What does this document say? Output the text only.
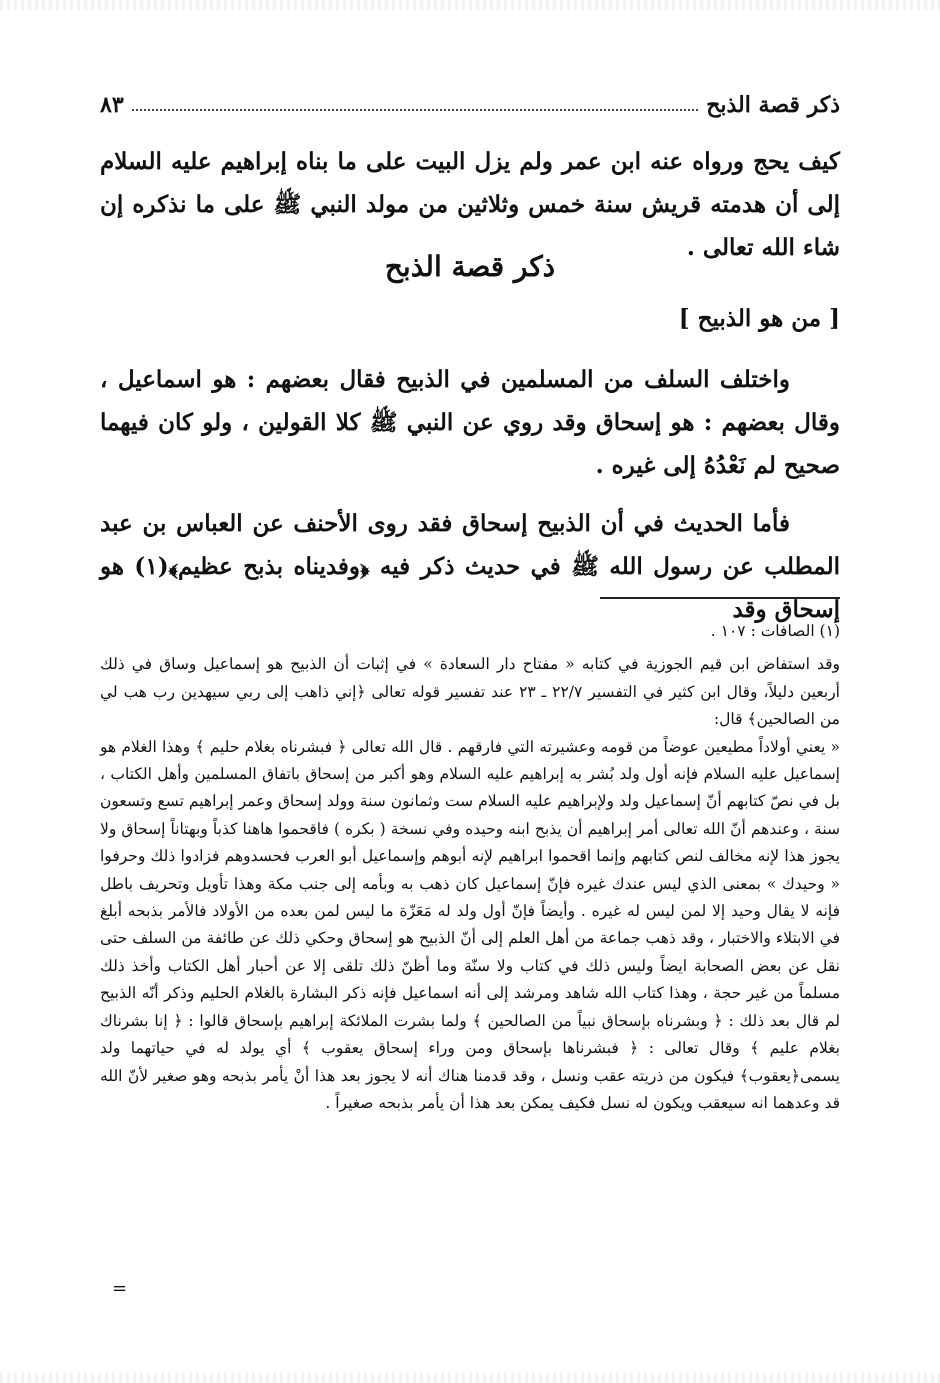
ذكر قصة الذبح
٨٣
كيف يحج ورواه عنه ابن عمر ولم يزل البيت على ما بناه إبراهيم عليه السلام إلى أن هدمته قريش سنة خمس وثلاثين من مولد النبي ﷺ على ما نذكره إن شاء الله تعالى .
ذكر قصة الذبح
[ من هو الذبيح ]
واختلف السلف من المسلمين في الذبيح فقال بعضهم : هو اسماعيل ، وقال بعضهم : هو إسحاق وقد روي عن النبي ﷺ كلا القولين ، ولو كان فيهما صحيح لم نَعْدُهُ إلى غيره .
فأما الحديث في أن الذبيح إسحاق فقد روى الأحنف عن العباس بن عبد المطلب عن رسول الله ﷺ في حديث ذكر فيه ﴿وفديناه بذبح عظيم﴾(١) هو إسحاق وقد

(١) الصافات : ١٠٧ .

وقد استفاض ابن قيم الجوزية في كتابه « مفتاح دار السعادة » في إثبات أن الذبيح هو إسماعيل وساق في ذلك أربعين دليلاً، وقال ابن كثير في التفسير ٢٢/٧ ـ ٢٣ عند تفسير قوله تعالى ﴿إني ذاهب إلى ربي سيهدين رب هب لي من الصالحين﴾ قال:

« يعني أولاداً مطيعين عوضاً من قومه وعشيرته التي فارقهم . قال الله تعالى ﴿ فبشرناه بغلام حليم ﴾ وهذا الغلام هو إسماعيل عليه السلام فإنه أول ولد بُشر به إبراهيم عليه السلام وهو أكبر من إسحاق باتفاق المسلمين وأهل الكتاب ، بل في نصّ كتابهم أنّ إسماعيل ولد ولإبراهيم عليه السلام ست وثمانون سنة وولد إسحاق وعمر إبراهيم تسع وتسعون سنة ، وعندهم أنّ الله تعالى أمر إبراهيم أن يذبح ابنه وحيده وفي نسخة ( بكره ) فاقحموا هاهنا كذباً وبهتاناً إسحاق ولا يجوز هذا لإنه مخالف لنص كتابهم وإنما اقحموا ابراهيم لإنه أبوهم وإسماعيل أبو العرب فحسدوهم فزادوا ذلك وحرفوا « وحيدك » بمعنى الذي ليس عندك غيره فإنّ إسماعيل كان ذهب به وبأمه إلى جنب مكة وهذا تأويل وتحريف باطل فإنه لا يقال وحيد إلا لمن ليس له غيره . وأيضاً فإنّ أول ولد له مَعَزّة ما ليس لمن بعده من الأولاد فالأمر بذبحه أبلغ في الابتلاء والاختبار ، وقد ذهب جماعة من أهل العلم إلى أنّ الذبيح هو إسحاق وحكي ذلك عن طائفة من السلف حتى نقل عن بعض الصحابة ايضاً وليس ذلك في كتاب ولا سنّة وما أظنّ ذلك تلقى إلا عن أحبار أهل الكتاب وأخذ ذلك مسلماً من غير حجة ، وهذا كتاب الله شاهد ومرشد إلى أنه اسماعيل فإنه ذكر البشارة بالغلام الحليم وذكر أنّه الذبيح لم قال بعد ذلك : ﴿ وبشرناه بإسحاق نبياً من الصالحين ﴾ ولما بشرت الملائكة إبراهيم بإسحاق قالوا : ﴿ إنا بشرناك بغلام عليم ﴾ وقال تعالى : ﴿ فبشرناها بإسحاق ومن وراء إسحاق يعقوب ﴾ أي يولد له في حياتهما ولد يسمى﴿يعقوب﴾ فيكون من ذريته عقب ونسل ، وقد قدمنا هناك أنه لا يجوز بعد هذا أنْ يأمر بذبحه وهو صغير لأنّ الله قد وعدهما انه سيعقب ويكون له نسل فكيف يمكن بعد هذا أن يأمر بذبحه صغيراً .

=
